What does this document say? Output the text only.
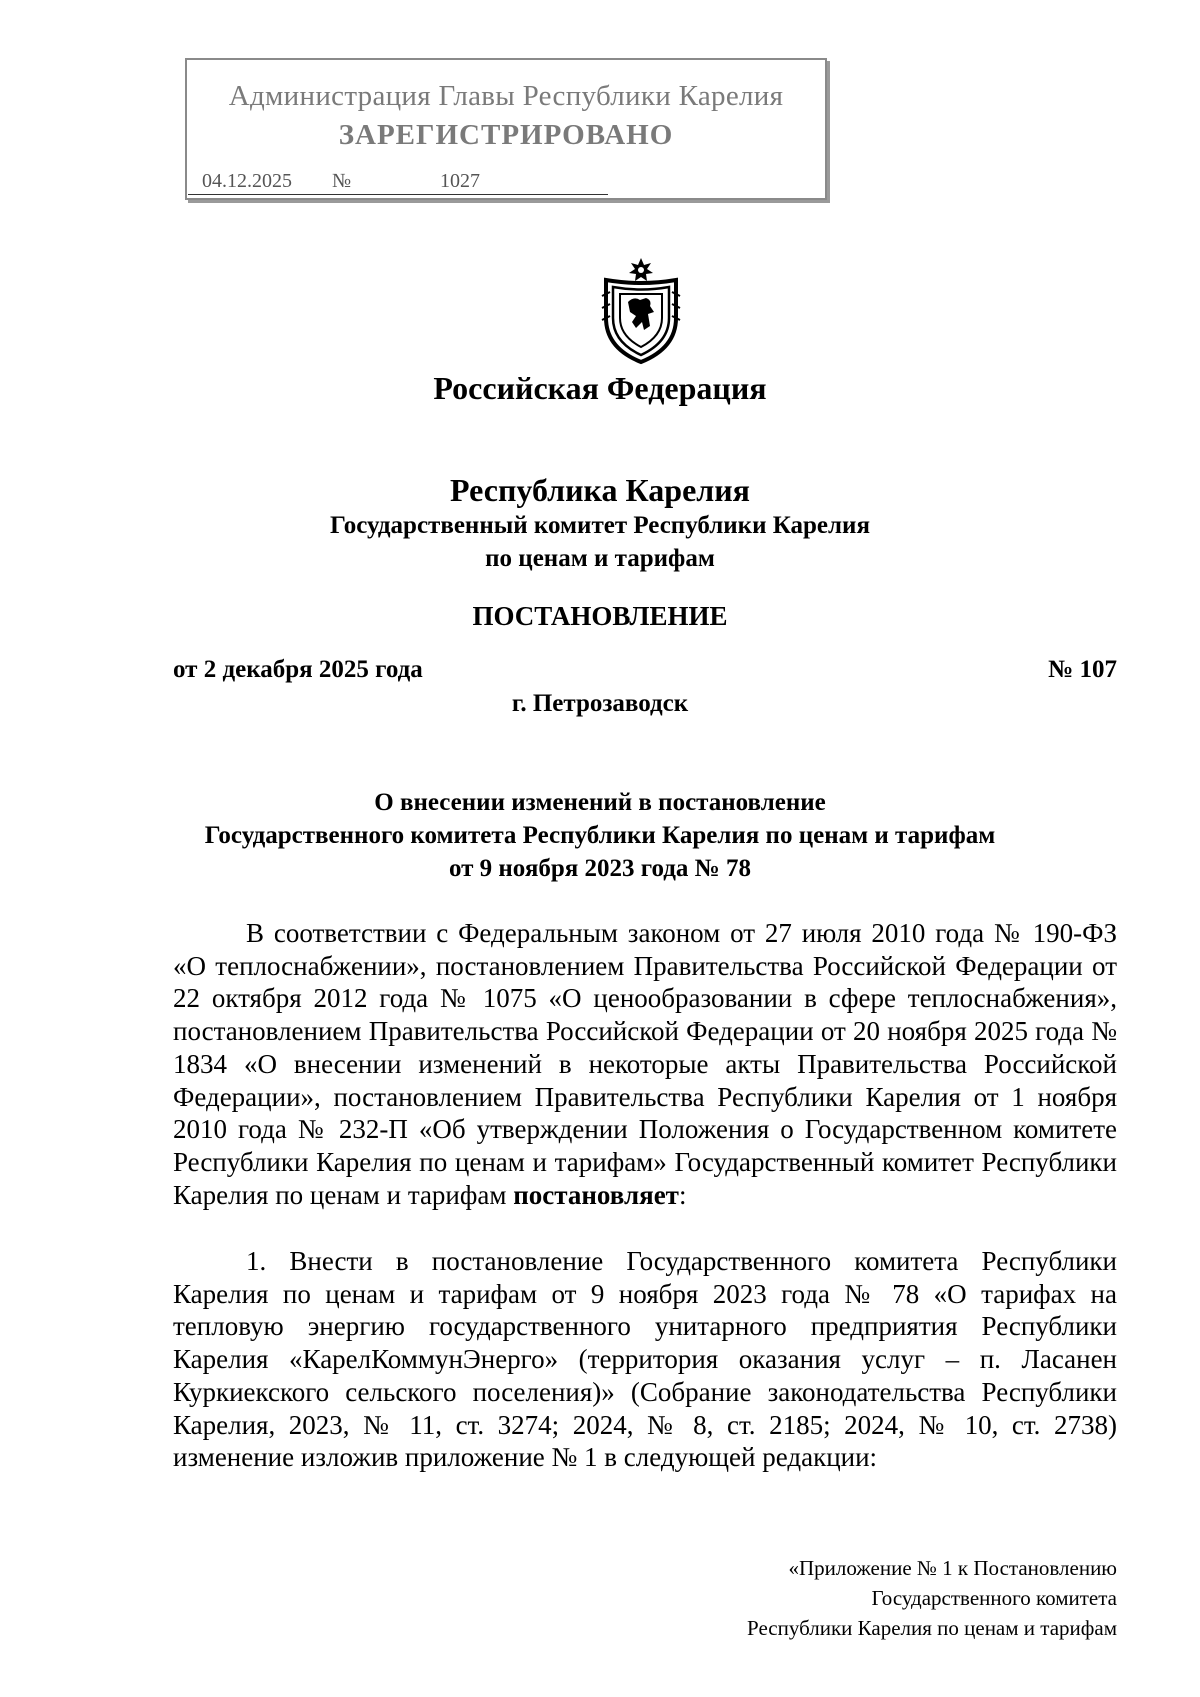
Администрация Главы Республики Карелия
ЗАРЕГИСТРИРОВАНО
04.12.2025 №	1027
Российская Федерация
Республика Карелия
Государственный комитет Республики Карелия
по ценам и тарифам
ПОСТАНОВЛЕНИЕ
от 2 декабря 2025 года	№ 107
г. Петрозаводск
О внесении изменений в постановление
Государственного комитета Республики Карелия по ценам и тарифам
от 9 ноября 2023 года № 78

В соответствии с Федеральным законом от 27 июля 2010 года № 190-ФЗ «О теплоснабжении», постановлением Правительства Российской Федерации от 22 октября 2012 года № 1075 «О ценообразовании в сфере теплоснабжения», постановлением Правительства Российской Федерации от 20 ноября 2025 года № 1834 «О внесении изменений в некоторые акты Правительства Российской Федерации», постановлением Правительства Республики Карелия от 1 ноября 2010 года № 232-П «Об утверждении Положения о Государственном комитете Республики Карелия по ценам и тарифам» Государственный комитет Республики Карелия по ценам и тарифам постановляет:

1. Внести в постановление Государственного комитета Республики Карелия по ценам и тарифам от 9 ноября 2023 года № 78 «О тарифах на тепловую энергию государственного унитарного предприятия Республики Карелия «КарелКоммунЭнерго» (территория оказания услуг – п. Ласанен Куркиекского сельского поселения)» (Собрание законодательства Республики Карелия, 2023, № 11, ст. 3274; 2024, № 8, ст. 2185; 2024, № 10, ст. 2738) изменение изложив приложение № 1 в следующей редакции:

«Приложение № 1 к Постановлению
Государственного комитета
Республики Карелия по ценам и тарифам
